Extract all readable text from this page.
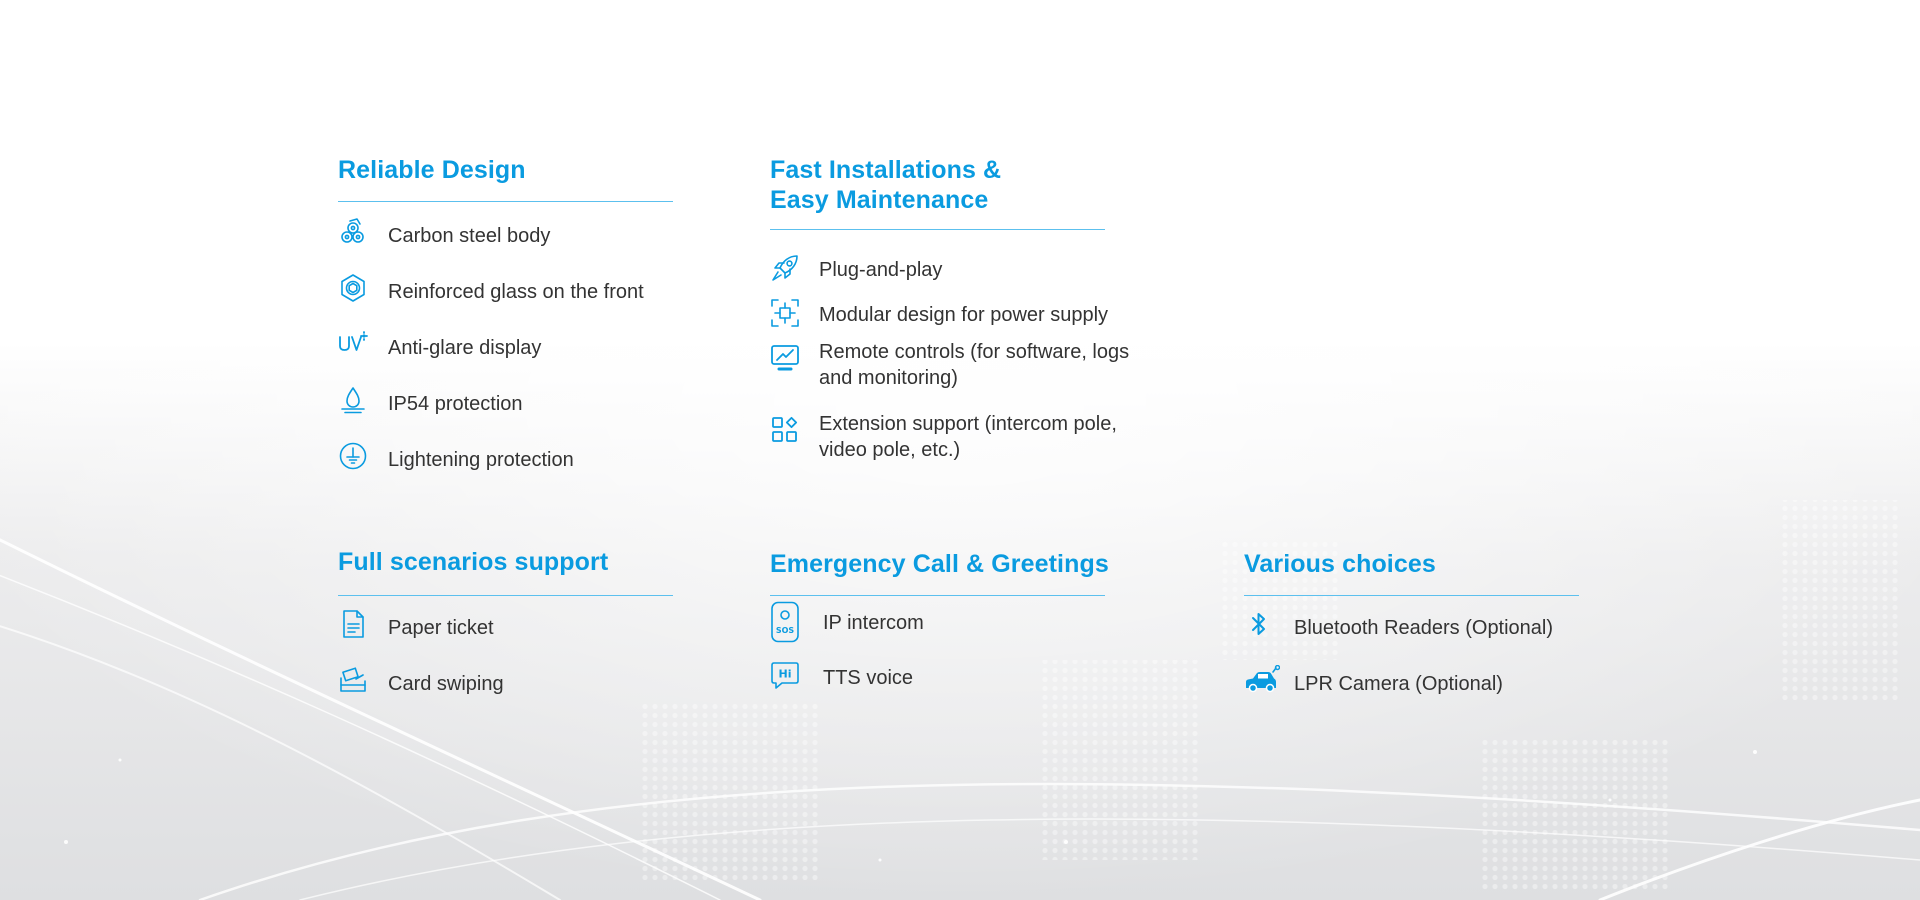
Reliable Design
Carbon steel body
Reinforced glass on the front
Anti-glare display
IP54 protection
Lightening protection
Fast Installations &
Easy Maintenance
Plug-and-play
Modular design for power supply
Remote controls (for software, logs and monitoring)
Extension support (intercom pole, video pole, etc.)
Full scenarios support
Paper ticket
Card swiping
Emergency Call & Greetings
SOS IP intercom
Hi TTS voice
Various choices
Bluetooth Readers (Optional)
LPR Camera (Optional)
